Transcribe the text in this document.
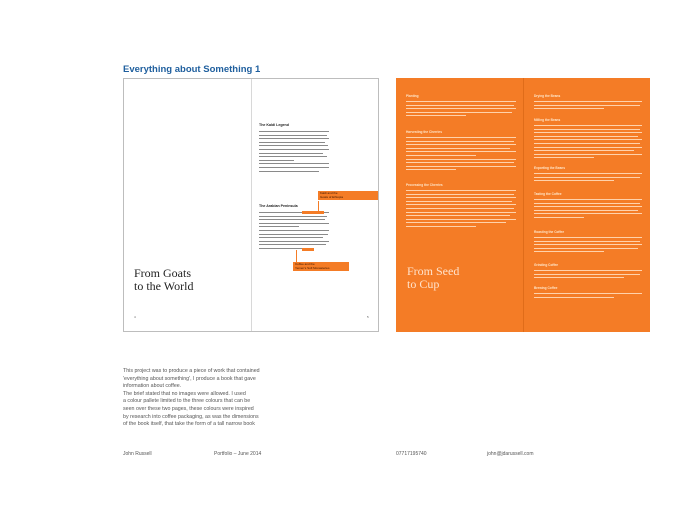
Everything about Something 1
From Goats
to the World
4	5
The Kaldi Legend
Kaldi and the
Goats of Ethiopia
The Arabian Peninsula
Coffee and the
Yemen's Sufi Monasteries
Planting
Harvesting the Cherries
Processing the Cherries
From Seed
to Cup
Drying the Beans
Milling the Beans
Exporting the Beans
Tasting the Coffee
Roasting the Coffee
Grinding Coffee
Brewing Coffee
This project was to produce a piece of work that contained
'everything about something', I produce a book that gave
information about coffee.
The brief stated that no images were allowed. I used
a colour pallete limited to the three colours that can be
seen over these two pages, these colours were inspired
by research into coffee packaging, as was the dimensions
of the book itself, that take the form of a tall narrow book
John Russell	Portfolio – June 2014	07717195740	john@jdarussell.com
